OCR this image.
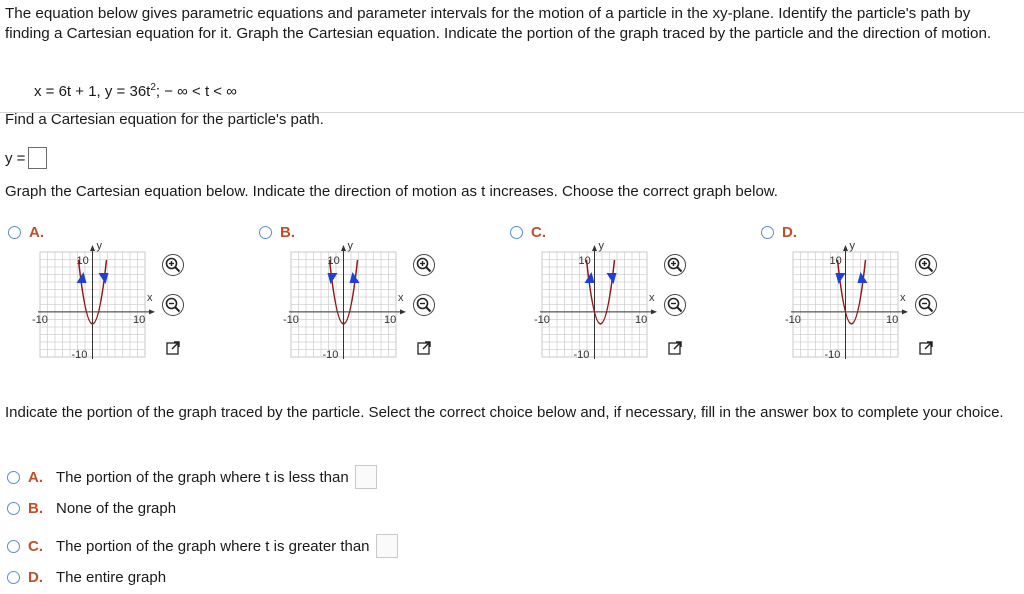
The equation below gives parametric equations and parameter intervals for the motion of a particle in the xy-plane. Identify the particle's path by finding a Cartesian equation for it. Graph the Cartesian equation. Indicate the portion of the graph traced by the particle and the direction of motion.
x = 6t + 1, $y = 36t^2$; − ∞ < t < ∞
Find a Cartesian equation for the particle's path.
y =
Graph the Cartesian equation below. Indicate the direction of motion as t increases. Choose the correct graph below.
A.
y
x
10
-10	10
-10
B.
y
x
10
-10	10
-10
C.
y
x
10
-10	10
-10
D.
y
x
10
-10	10
-10
Indicate the portion of the graph traced by the particle. Select the correct choice below and, if necessary, fill in the answer box to complete your choice.
A. The portion of the graph where t is less than
B. None of the graph
C. The portion of the graph where t is greater than
D. The entire graph
